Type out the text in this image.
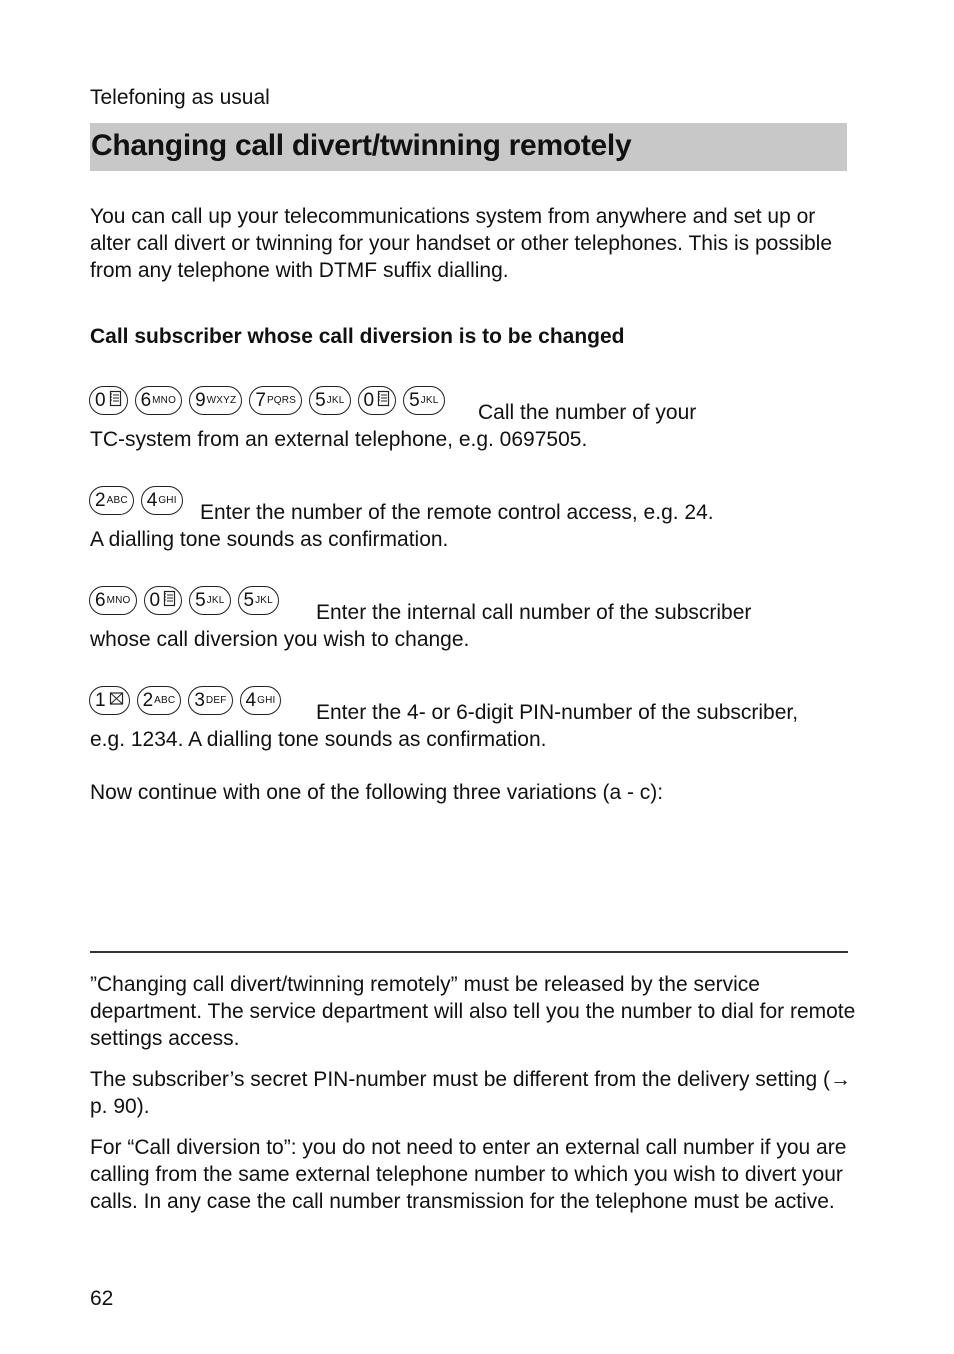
Telefoning as usual
Changing call divert/twinning remotely
You can call up your telecommunications system from anywhere and set up or alter call divert or twinning for your handset or other telephones. This is possible from any telephone with DTMF suffix dialling.
Call subscriber whose call diversion is to be changed
0 6 MNO 9 WXYZ 7 PQRS 5 JKL 0 5 JKL
Call the number of your
TC-system from an external telephone, e.g. 0697505.
2 ABC 4 GHI
Enter the number of the remote control access, e.g. 24.
A dialling tone sounds as confirmation.
6 MNO 0 5 JKL 5 JKL
Enter the internal call number of the subscriber
whose call diversion you wish to change.
1 2 ABC 3 DEF 4 GHI
Enter the 4- or 6-digit PIN-number of the subscriber,
e.g. 1234. A dialling tone sounds as confirmation.
Now continue with one of the following three variations (a - c):
”Changing call divert/twinning remotely” must be released by the service department. The service department will also tell you the number to dial for remote settings access.
The subscriber’s secret PIN-number must be different from the delivery setting (→ p. 90).
For “Call diversion to”: you do not need to enter an external call number if you are calling from the same external telephone number to which you wish to divert your calls. In any case the call number transmission for the telephone must be active.
62
